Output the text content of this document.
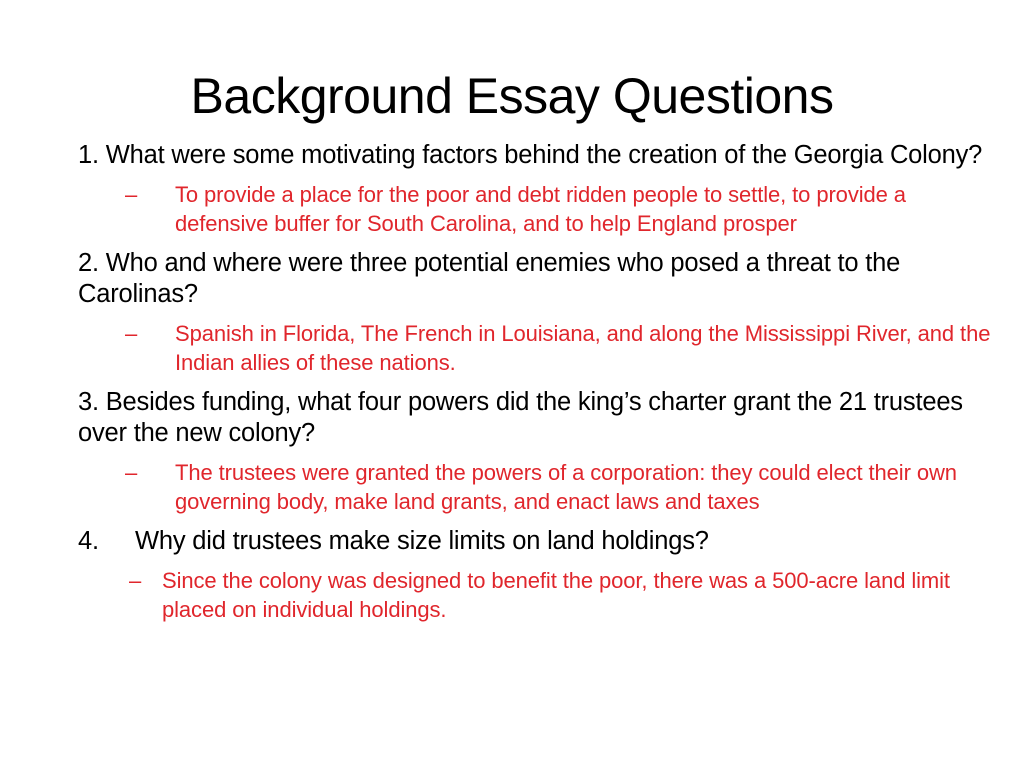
Background Essay Questions

1. What were some motivating factors behind the creation of the Georgia Colony?

– To provide a place for the poor and debt ridden people to settle, to provide a defensive buffer for South Carolina, and to help England prosper

2. Who and where were three potential enemies who posed a threat to the Carolinas?

– Spanish in Florida, The French in Louisiana, and along the Mississippi River, and the Indian allies of these nations.

3. Besides funding, what four powers did the king’s charter grant the 21 trustees over the new colony?

– The trustees were granted the powers of a corporation: they could elect their own governing body, make land grants, and enact laws and taxes

4. Why did trustees make size limits on land holdings?

– Since the colony was designed to benefit the poor, there was a 500-acre land limit placed on individual holdings.
